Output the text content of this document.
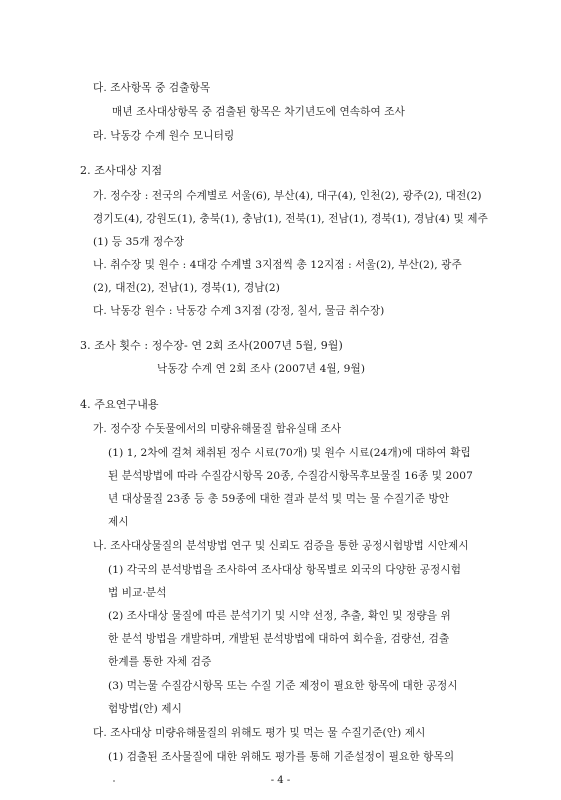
다. 조사항목 중 검출항목
매년 조사대상항목 중 검출된 항목은 차기년도에 연속하여 조사
라. 낙동강 수계 원수 모니터링
2. 조사대상 지점
가. 정수장 : 전국의 수계별로 서울(6), 부산(4), 대구(4), 인천(2), 광주(2), 대전(2)
경기도(4), 강원도(1), 충북(1), 충남(1), 전북(1), 전남(1), 경북(1), 경남(4) 및 제주
(1) 등 35개 정수장
나. 취수장 및 원수 : 4대강 수계별 3지점씩 총 12지점 : 서울(2), 부산(2), 광주
(2), 대전(2), 전남(1), 경북(1), 경남(2)
다. 낙동강 원수 : 낙동강 수계 3지점 (강정, 칠서, 물금 취수장)
3. 조사 횟수 : 정수장- 연 2회 조사(2007년 5월, 9월)
낙동강 수계 연 2회 조사 (2007년 4월, 9월)
4. 주요연구내용
가. 정수장 수돗물에서의 미량유해물질 함유실태 조사
(1) 1, 2차에 걸쳐 채취된 정수 시료(70개) 및 원수 시료(24개)에 대하여 확립
된 분석방법에 따라 수질감시항목 20종, 수질감시항목후보물질 16종 및 2007
년 대상물질 23종 등 총 59종에 대한 결과 분석 및 먹는 물 수질기준 방안
제시
나. 조사대상물질의 분석방법 연구 및 신뢰도 검증을 통한 공정시험방법 시안제시
(1) 각국의 분석방법을 조사하여 조사대상 항목별로 외국의 다양한 공정시험
법 비교·분석
(2) 조사대상 물질에 따른 분석기기 및 시약 선정, 추출, 확인 및 정량을 위
한 분석 방법을 개발하며, 개발된 분석방법에 대하여 회수율, 검량선, 검출
한계를 통한 자체 검증
(3) 먹는물 수질감시항목 또는 수질 기준 제정이 필요한 항목에 대한 공정시
험방법(안) 제시
다. 조사대상 미량유해물질의 위해도 평가 및 먹는 물 수질기준(안) 제시
(1) 검출된 조사물질에 대한 위해도 평가를 통해 기준설정이 필요한 항목의
- 4 -
